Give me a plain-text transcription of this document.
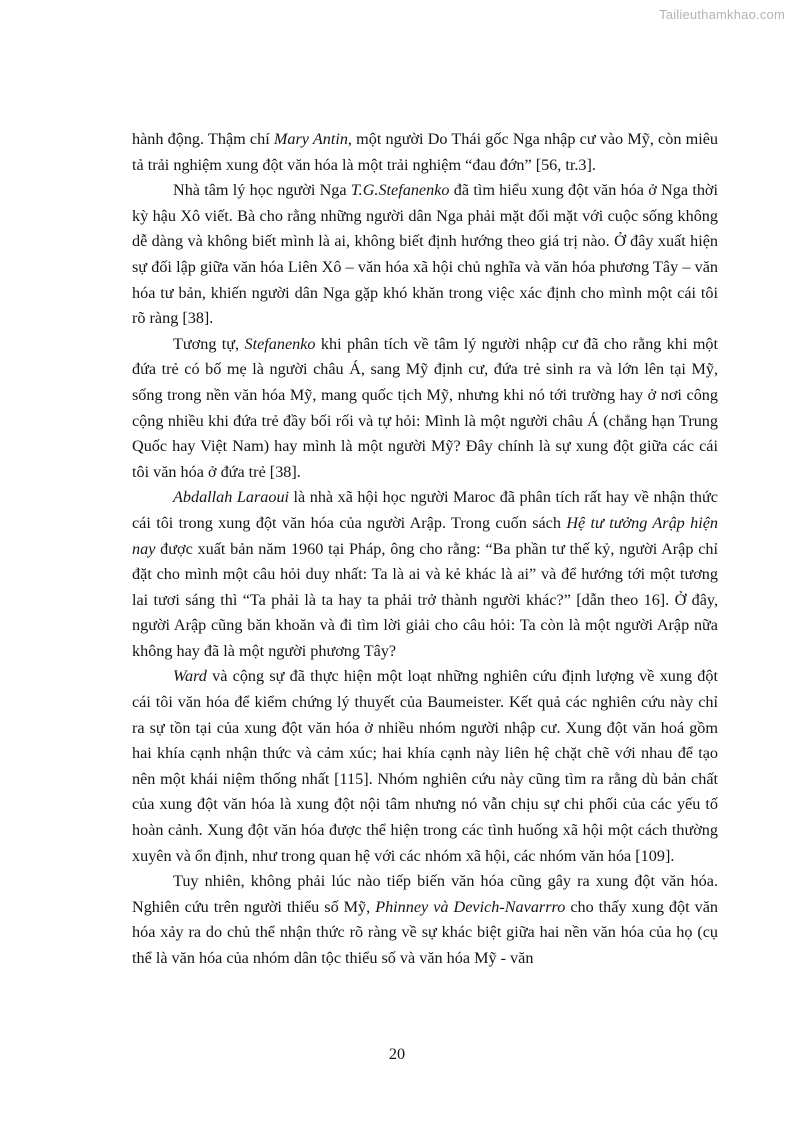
Tailieuthamkhao.com

hành động. Thậm chí Mary Antin, một người Do Thái gốc Nga nhập cư vào Mỹ, còn miêu tả trải nghiệm xung đột văn hóa là một trải nghiệm “đau đớn” [56, tr.3].

Nhà tâm lý học người Nga T.G.Stefanenko đã tìm hiểu xung đột văn hóa ở Nga thời kỳ hậu Xô viết. Bà cho rằng những người dân Nga phải mặt đối mặt với cuộc sống không dễ dàng và không biết mình là ai, không biết định hướng theo giá trị nào. Ở đây xuất hiện sự đối lập giữa văn hóa Liên Xô – văn hóa xã hội chủ nghĩa và văn hóa phương Tây – văn hóa tư bản, khiến người dân Nga gặp khó khăn trong việc xác định cho mình một cái tôi rõ ràng [38].

Tương tự, Stefanenko khi phân tích về tâm lý người nhập cư đã cho rằng khi một đứa trẻ có bố mẹ là người châu Á, sang Mỹ định cư, đứa trẻ sinh ra và lớn lên tại Mỹ, sống trong nền văn hóa Mỹ, mang quốc tịch Mỹ, nhưng khi nó tới trường hay ở nơi công cộng nhiều khi đứa trẻ đầy bối rối và tự hỏi: Mình là một người châu Á (chẳng hạn Trung Quốc hay Việt Nam) hay mình là một người Mỹ? Đây chính là sự xung đột giữa các cái tôi văn hóa ở đứa trẻ [38].

Abdallah Laraoui là nhà xã hội học người Maroc đã phân tích rất hay về nhận thức cái tôi trong xung đột văn hóa của người Arập. Trong cuốn sách Hệ tư tưởng Arập hiện nay được xuất bản năm 1960 tại Pháp, ông cho rằng: “Ba phần tư thế kỷ, người Arập chỉ đặt cho mình một câu hỏi duy nhất: Ta là ai và kẻ khác là ai” và để hướng tới một tương lai tươi sáng thì “Ta phải là ta hay ta phải trở thành người khác?” [dẫn theo 16]. Ở đây, người Arập cũng băn khoăn và đi tìm lời giải cho câu hỏi: Ta còn là một người Arập nữa không hay đã là một người phương Tây?

Ward và cộng sự đã thực hiện một loạt những nghiên cứu định lượng về xung đột cái tôi văn hóa để kiểm chứng lý thuyết của Baumeister. Kết quả các nghiên cứu này chỉ ra sự tồn tại của xung đột văn hóa ở nhiều nhóm người nhập cư. Xung đột văn hoá gồm hai khía cạnh nhận thức và cảm xúc; hai khía cạnh này liên hệ chặt chẽ với nhau để tạo nên một khái niệm thống nhất [115]. Nhóm nghiên cứu này cũng tìm ra rằng dù bản chất của xung đột văn hóa là xung đột nội tâm nhưng nó vẫn chịu sự chi phối của các yếu tố hoàn cảnh. Xung đột văn hóa được thể hiện trong các tình huống xã hội một cách thường xuyên và ổn định, như trong quan hệ với các nhóm xã hội, các nhóm văn hóa [109].

Tuy nhiên, không phải lúc nào tiếp biến văn hóa cũng gây ra xung đột văn hóa. Nghiên cứu trên người thiểu số Mỹ, Phinney và Devich-Navarrro cho thấy xung đột văn hóa xảy ra do chủ thể nhận thức rõ ràng về sự khác biệt giữa hai nền văn hóa của họ (cụ thể là văn hóa của nhóm dân tộc thiểu số và văn hóa Mỹ - văn

20
